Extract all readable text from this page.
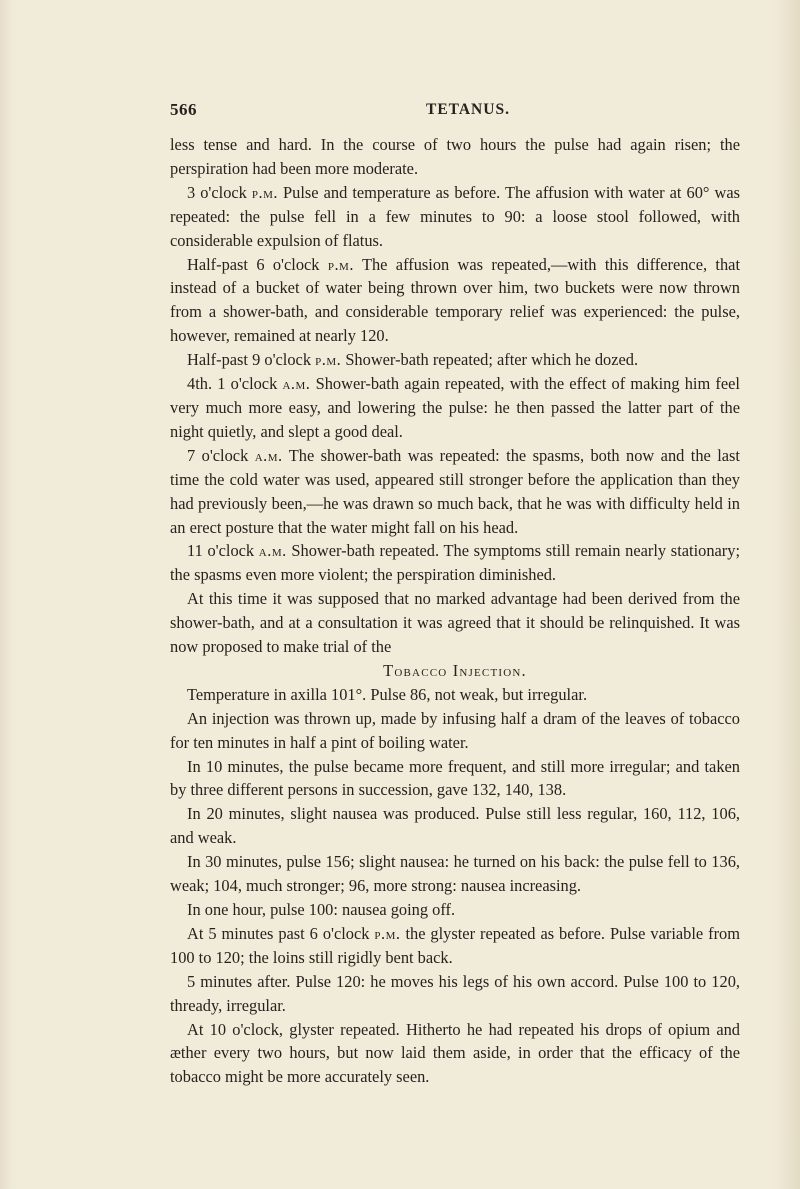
566	TETANUS.

less tense and hard. In the course of two hours the pulse had again risen; the perspiration had been more moderate.

3 o'clock p.m. Pulse and temperature as before. The affusion with water at 60° was repeated: the pulse fell in a few minutes to 90: a loose stool followed, with considerable expulsion of flatus.

Half-past 6 o'clock p.m. The affusion was repeated,—with this difference, that instead of a bucket of water being thrown over him, two buckets were now thrown from a shower-bath, and considerable temporary relief was experienced: the pulse, however, remained at nearly 120.

Half-past 9 o'clock p.m. Shower-bath repeated; after which he dozed.

4th. 1 o'clock a.m. Shower-bath again repeated, with the effect of making him feel very much more easy, and lowering the pulse: he then passed the latter part of the night quietly, and slept a good deal.

7 o'clock a.m. The shower-bath was repeated: the spasms, both now and the last time the cold water was used, appeared still stronger before the application than they had previously been,—he was drawn so much back, that he was with difficulty held in an erect posture that the water might fall on his head.

11 o'clock a.m. Shower-bath repeated. The symptoms still remain nearly stationary; the spasms even more violent; the perspiration diminished.

At this time it was supposed that no marked advantage had been derived from the shower-bath, and at a consultation it was agreed that it should be relinquished. It was now proposed to make trial of the

Tobacco Injection.

Temperature in axilla 101°. Pulse 86, not weak, but irregular.

An injection was thrown up, made by infusing half a dram of the leaves of tobacco for ten minutes in half a pint of boiling water.

In 10 minutes, the pulse became more frequent, and still more irregular; and taken by three different persons in succession, gave 132, 140, 138.

In 20 minutes, slight nausea was produced. Pulse still less regular, 160, 112, 106, and weak.

In 30 minutes, pulse 156; slight nausea: he turned on his back: the pulse fell to 136, weak; 104, much stronger; 96, more strong: nausea increasing.

In one hour, pulse 100: nausea going off.

At 5 minutes past 6 o'clock p.m. the glyster repeated as before. Pulse variable from 100 to 120; the loins still rigidly bent back.

5 minutes after. Pulse 120: he moves his legs of his own accord. Pulse 100 to 120, thready, irregular.

At 10 o'clock, glyster repeated. Hitherto he had repeated his drops of opium and æther every two hours, but now laid them aside, in order that the efficacy of the tobacco might be more accurately seen.
